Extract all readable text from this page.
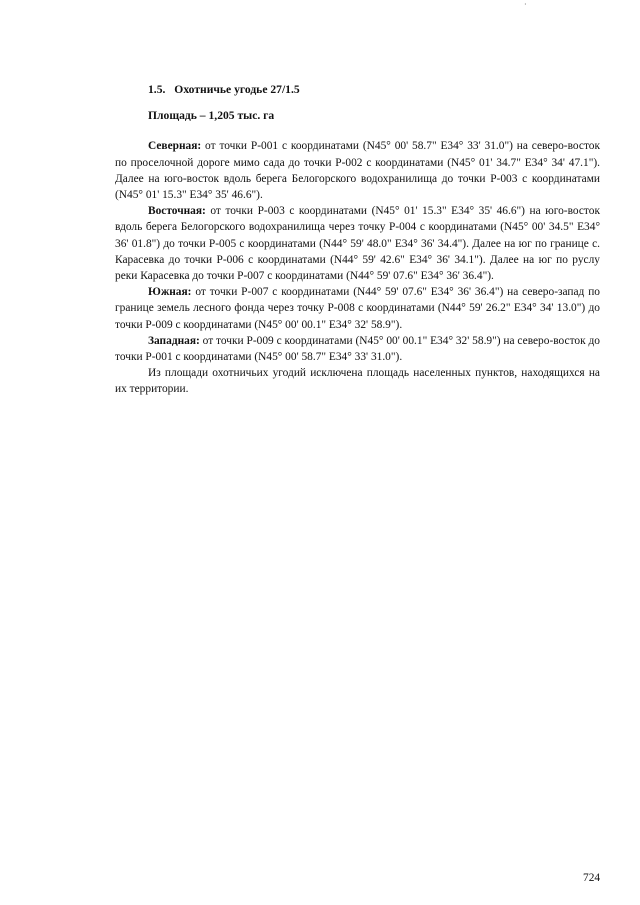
·

1.5. Охотничье угодье 27/1.5

Площадь – 1,205 тыс. га

Северная: от точки Р-001 с координатами (N45° 00' 58.7" E34° 33' 31.0") на северо-восток по проселочной дороге мимо сада до точки Р-002 с координатами (N45° 01' 34.7" E34° 34' 47.1"). Далее на юго-восток вдоль берега Белогорского водохранилища до точки Р-003 с координатами (N45° 01' 15.3" E34° 35' 46.6").

Восточная: от точки Р-003 с координатами (N45° 01' 15.3" E34° 35' 46.6") на юго-восток вдоль берега Белогорского водохранилища через точку Р-004 с координатами (N45° 00' 34.5" E34° 36' 01.8") до точки Р-005 с координатами (N44° 59' 48.0" E34° 36' 34.4"). Далее на юг по границе с. Карасевка до точки Р-006 с координатами (N44° 59' 42.6" E34° 36' 34.1"). Далее на юг по руслу реки Карасевка до точки Р-007 с координатами (N44° 59' 07.6" E34° 36' 36.4").

Южная: от точки Р-007 с координатами (N44° 59' 07.6" E34° 36' 36.4") на северо-запад по границе земель лесного фонда через точку Р-008 с координатами (N44° 59' 26.2" E34° 34' 13.0") до точки Р-009 с координатами (N45° 00' 00.1" E34° 32' 58.9").

Западная: от точки Р-009 с координатами (N45° 00' 00.1" E34° 32' 58.9") на северо-восток до точки Р-001 с координатами (N45° 00' 58.7" E34° 33' 31.0").

Из площади охотничьих угодий исключена площадь населенных пунктов, находящихся на их территории.

724
